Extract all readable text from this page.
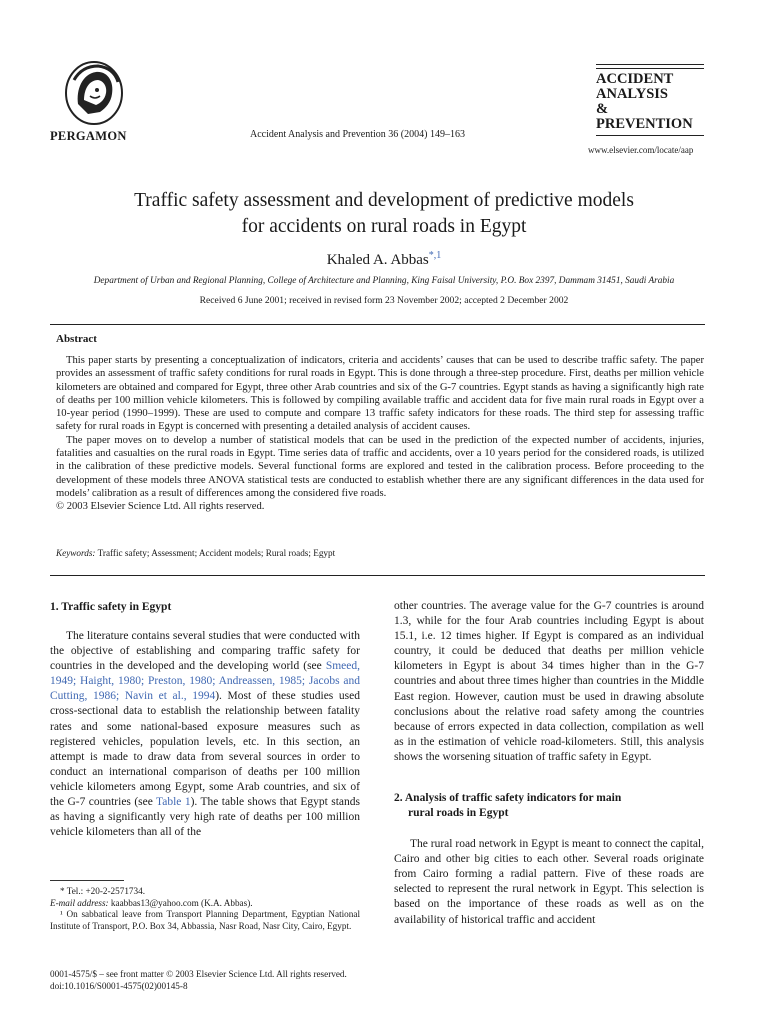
PERGAMON	Accident Analysis and Prevention 36 (2004) 149–163
ACCIDENT
ANALYSIS
&
PREVENTION
www.elsevier.com/locate/aap
Traffic safety assessment and development of predictive models
for accidents on rural roads in Egypt
Khaled A. Abbas$^{*,1}$
Department of Urban and Regional Planning, College of Architecture and Planning, King Faisal University, P.O. Box 2397, Dammam 31451, Saudi Arabia
Received 6 June 2001; received in revised form 23 November 2002; accepted 2 December 2002
Abstract

This paper starts by presenting a conceptualization of indicators, criteria and accidents’ causes that can be used to describe traffic safety. The paper provides an assessment of traffic safety conditions for rural roads in Egypt. This is done through a three-step procedure. First, deaths per million vehicle kilometers are obtained and compared for Egypt, three other Arab countries and six of the G-7 countries. Egypt stands as having a significantly high rate of deaths per 100 million vehicle kilometers. This is followed by compiling available traffic and accident data for five main rural roads in Egypt over a 10-year period (1990–1999). These are used to compute and compare 13 traffic safety indicators for these roads. The third step for assessing traffic safety for rural roads in Egypt is concerned with presenting a detailed analysis of accident causes.

The paper moves on to develop a number of statistical models that can be used in the prediction of the expected number of accidents, injuries, fatalities and casualties on the rural roads in Egypt. Time series data of traffic and accidents, over a 10 years period for the considered roads, is utilized in the calibration of these predictive models. Several functional forms are explored and tested in the calibration process. Before proceeding to the development of these models three ANOVA statistical tests are conducted to establish whether there are any significant differences in the data used for models’ calibration as a result of differences among the considered five roads.

© 2003 Elsevier Science Ltd. All rights reserved.

Keywords: Traffic safety; Assessment; Accident models; Rural roads; Egypt
1. Traffic safety in Egypt

The literature contains several studies that were conducted with the objective of establishing and comparing traffic safety for countries in the developed and the developing world (see Smeed, 1949; Haight, 1980; Preston, 1980; Andreassen, 1985; Jacobs and Cutting, 1986; Navin et al., 1994). Most of these studies used cross-sectional data to establish the relationship between fatality rates and some national-based exposure measures such as registered vehicles, population levels, etc. In this section, an attempt is made to draw data from several sources in order to conduct an international comparison of deaths per 100 million vehicle kilometers among Egypt, some Arab countries, and six of the G-7 countries (see Table 1). The table shows that Egypt stands as having a significantly very high rate of deaths per 100 million vehicle kilometers than all of the

* Tel.: +20-2-2571734.
E-mail address: kaabbas13@yahoo.com (K.A. Abbas).
¹ On sabbatical leave from Transport Planning Department, Egyptian National Institute of Transport, P.O. Box 34, Abbassia, Nasr Road, Nasr City, Cairo, Egypt.

other countries. The average value for the G-7 countries is around 1.3, while for the four Arab countries including Egypt is about 15.1, i.e. 12 times higher. If Egypt is compared as an individual country, it could be deduced that deaths per million vehicle kilometers in Egypt is about 34 times higher than in the G-7 countries and about three times higher than countries in the Middle East region. However, caution must be used in drawing absolute conclusions about the relative road safety among the countries because of errors expected in data collection, compilation as well as in the estimation of vehicle road-kilometers. Still, this analysis shows the worsening situation of traffic safety in Egypt.

2. Analysis of traffic safety indicators for main
rural roads in Egypt

The rural road network in Egypt is meant to connect the capital, Cairo and other big cities to each other. Several roads originate from Cairo forming a radial pattern. Five of these roads are selected to represent the rural network in Egypt. This selection is based on the importance of these roads as well as on the availability of historical traffic and accident

0001-4575/$ – see front matter © 2003 Elsevier Science Ltd. All rights reserved.
doi:10.1016/S0001-4575(02)00145-8
